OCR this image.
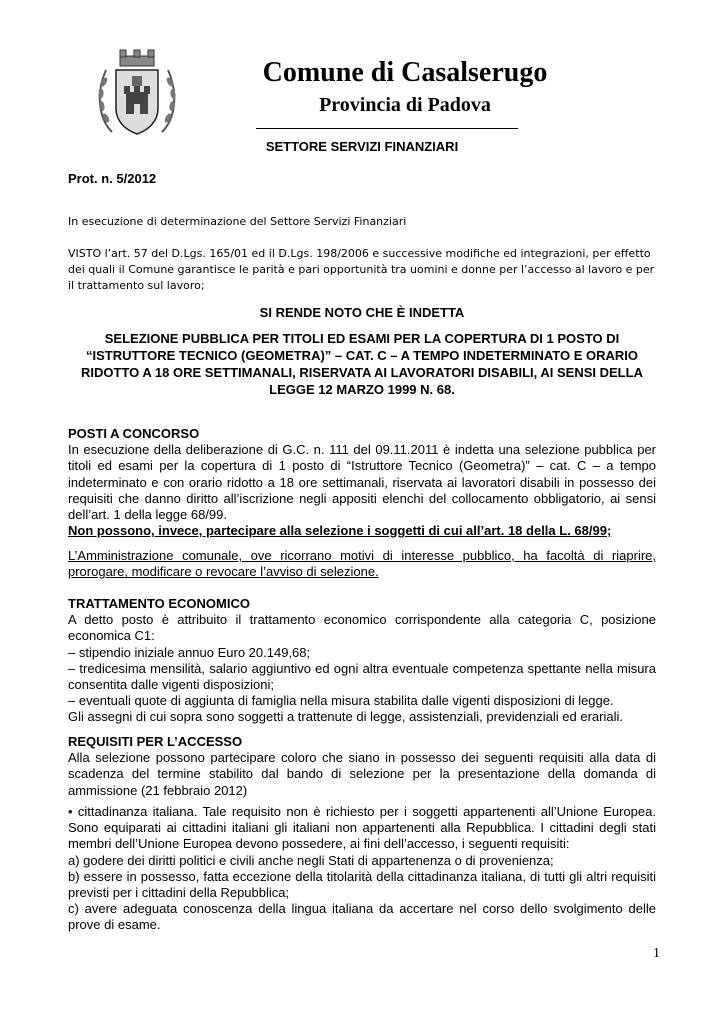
Comune di Casalserugo
Provincia di Padova
SETTORE SERVIZI FINANZIARI
Prot. n. 5/2012
In esecuzione di determinazione del Settore Servizi Finanziari
VISTO l’art. 57 del D.Lgs. 165/01 ed il D.Lgs. 198/2006 e successive modifiche ed integrazioni, per effetto dei quali il Comune garantisce le parità e pari opportunità tra uomini e donne per l’accesso al lavoro e per il trattamento sul lavoro;
SI RENDE NOTO CHE È INDETTA
SELEZIONE PUBBLICA PER TITOLI ED ESAMI PER LA COPERTURA DI 1 POSTO DI “ISTRUTTORE TECNICO (GEOMETRA)” – CAT. C – A TEMPO INDETERMINATO E ORARIO RIDOTTO A 18 ORE SETTIMANALI, RISERVATA AI LAVORATORI DISABILI, AI SENSI DELLA LEGGE 12 MARZO 1999 N. 68.

POSTI A CONCORSO

In esecuzione della deliberazione di G.C. n. 111 del 09.11.2011 è indetta una selezione pubblica per titoli ed esami per la copertura di 1 posto di “Istruttore Tecnico (Geometra)” – cat. C – a tempo indeterminato e con orario ridotto a 18 ore settimanali, riservata ai lavoratori disabili in possesso dei requisiti che danno diritto all’iscrizione negli appositi elenchi del collocamento obbligatorio, ai sensi dell’art. 1 della legge 68/99.

Non possono, invece, partecipare alla selezione i soggetti di cui all’art. 18 della L. 68/99;

L’Amministrazione comunale, ove ricorrano motivi di interesse pubblico, ha facoltà di riaprire, prorogare, modificare o revocare l’avviso di selezione.

TRATTAMENTO ECONOMICO

A detto posto è attribuito il trattamento economico corrispondente alla categoria C, posizione economica C1:

– stipendio iniziale annuo Euro 20.149,68;

– tredicesima mensilità, salario aggiuntivo ed ogni altra eventuale competenza spettante nella misura consentita dalle vigenti disposizioni;

– eventuali quote di aggiunta di famiglia nella misura stabilita dalle vigenti disposizioni di legge.

Gli assegni di cui sopra sono soggetti a trattenute di legge, assistenziali, previdenziali ed erariali.

REQUISITI PER L’ACCESSO

Alla selezione possono partecipare coloro che siano in possesso dei seguenti requisiti alla data di scadenza del termine stabilito dal bando di selezione per la presentazione della domanda di ammissione (21 febbraio 2012)

• cittadinanza italiana. Tale requisito non è richiesto per i soggetti appartenenti all’Unione Europea. Sono equiparati ai cittadini italiani gli italiani non appartenenti alla Repubblica. I cittadini degli stati membri dell’Unione Europea devono possedere, ai fini dell’accesso, i seguenti requisiti:

a) godere dei diritti politici e civili anche negli Stati di appartenenza o di provenienza;

b) essere in possesso, fatta eccezione della titolarità della cittadinanza italiana, di tutti gli altri requisiti previsti per i cittadini della Repubblica;

c) avere adeguata conoscenza della lingua italiana da accertare nel corso dello svolgimento delle prove di esame.

1
